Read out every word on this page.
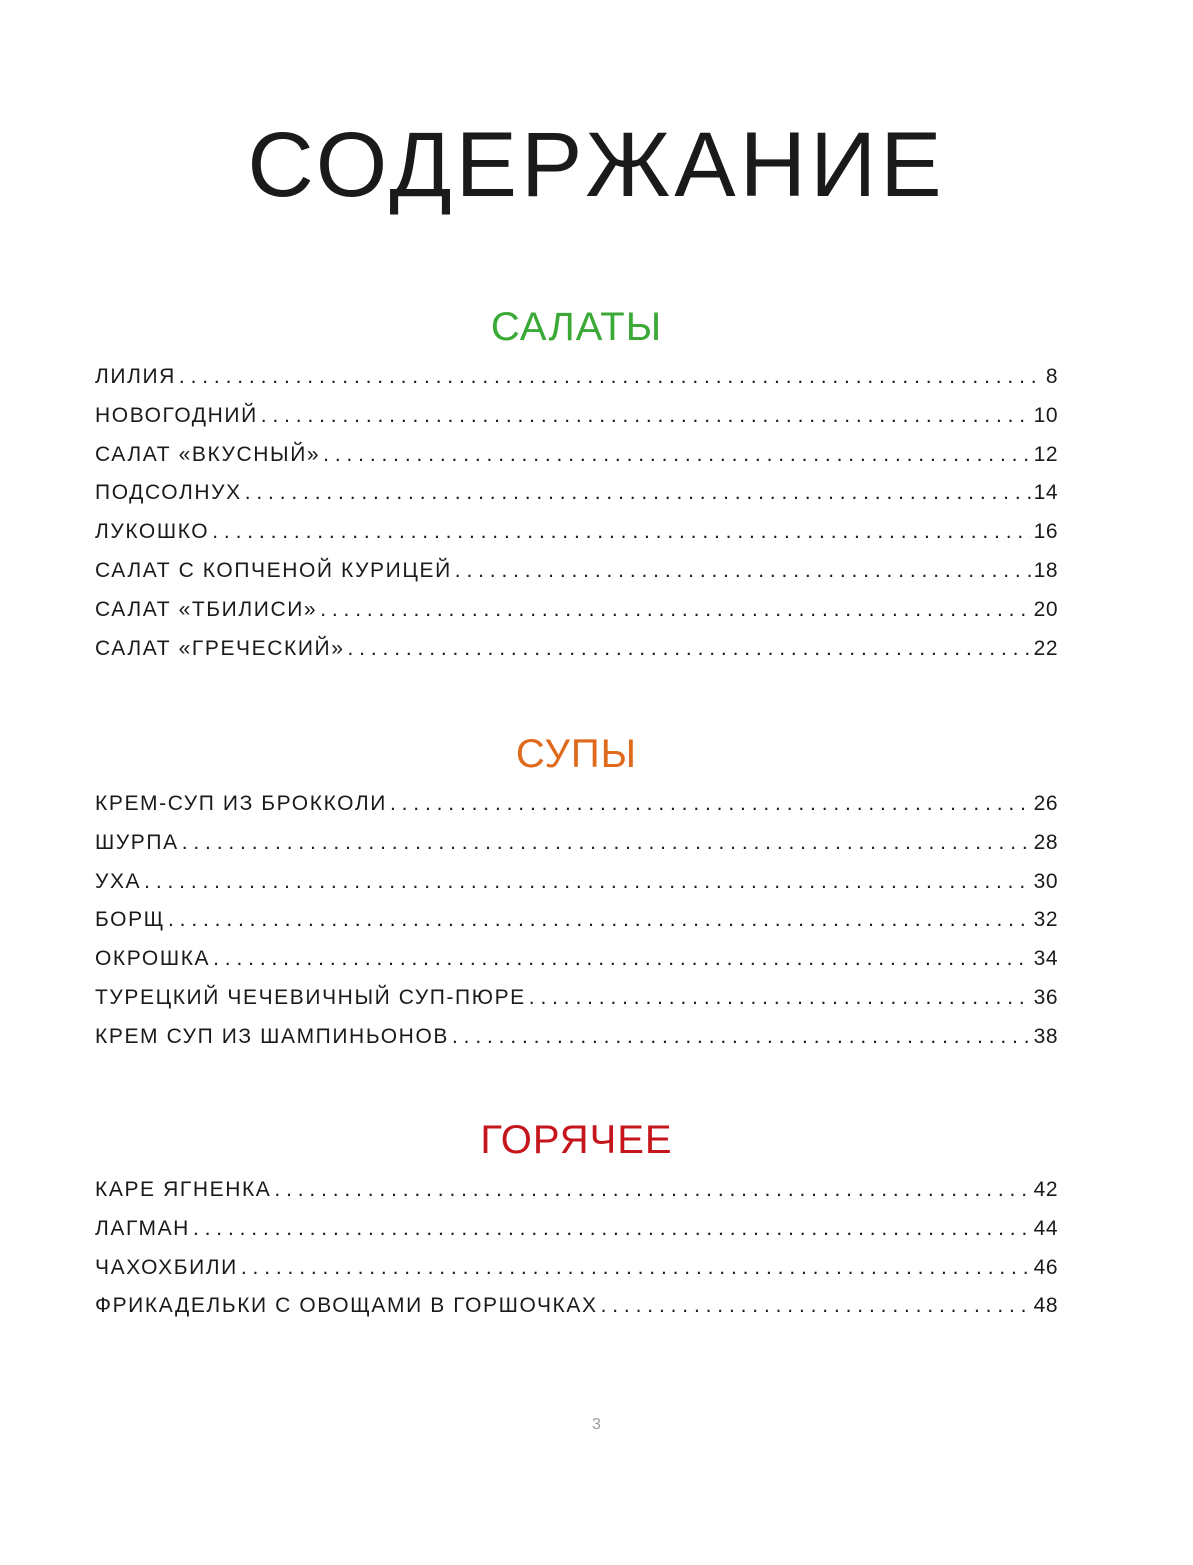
СОДЕРЖАНИЕ
САЛАТЫ
ЛИЛИЯ . . .	8
НОВОГОДНИЙ . . .	10
САЛАТ «ВКУСНЫЙ» . . .	12
ПОДСОЛНУХ . . .	14
ЛУКОШКО . . .	16
САЛАТ С КОПЧЕНОЙ КУРИЦЕЙ . . .	18
САЛАТ «ТБИЛИСИ» . . .	20
САЛАТ «ГРЕЧЕСКИЙ» . . .	22
СУПЫ
КРЕМ-СУП ИЗ БРОККОЛИ . . .	26
ШУРПА . . .	28
УХА . . .	30
БОРЩ . . .	32
ОКРОШКА . . .	34
ТУРЕЦКИЙ ЧЕЧЕВИЧНЫЙ СУП-ПЮРЕ . . .	36
КРЕМ СУП ИЗ ШАМПИНЬОНОВ . . .	38
ГОРЯЧЕЕ
КАРЕ ЯГНЕНКА . . .	42
ЛАГМАН . . .	44
ЧАХОХБИЛИ . . .	46
ФРИКАДЕЛЬКИ С ОВОЩАМИ В ГОРШОЧКАХ . . .	48
3
